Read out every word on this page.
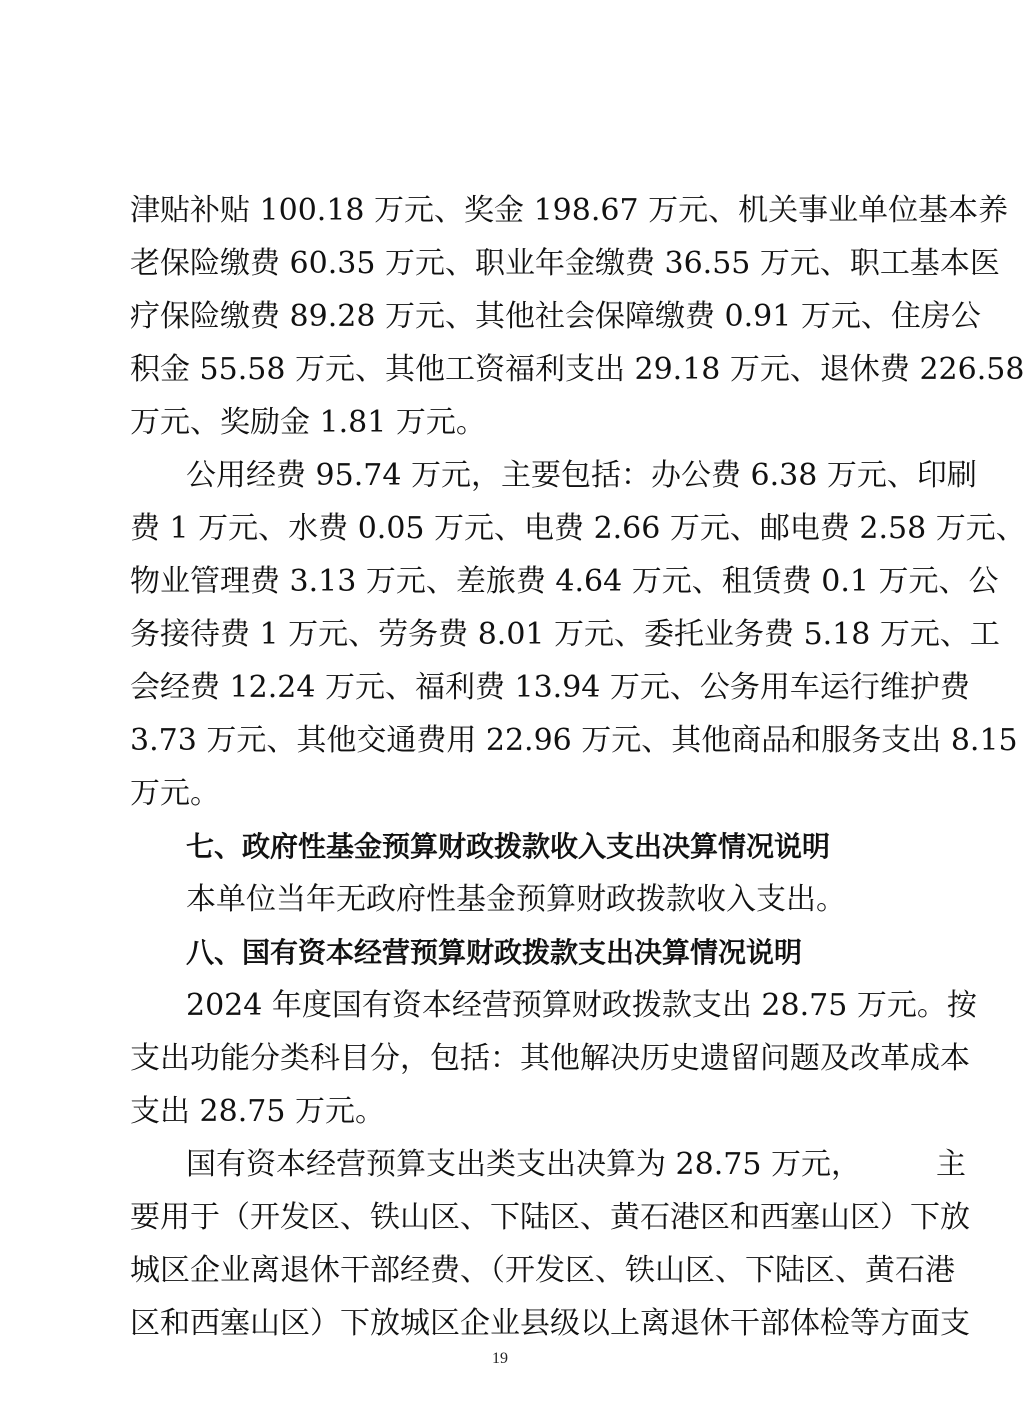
津贴补贴 100.18 万元、奖金 198.67 万元、机关事业单位基本养
老保险缴费 60.35 万元、职业年金缴费 36.55 万元、职工基本医
疗保险缴费 89.28 万元、其他社会保障缴费 0.91 万元、住房公
积金 55.58 万元、其他工资福利支出 29.18 万元、退休费 226.58
万元、奖励金 1.81 万元。
公用经费 95.74 万元，主要包括：办公费 6.38 万元、印刷
费 1 万元、水费 0.05 万元、电费 2.66 万元、邮电费 2.58 万元、
物业管理费 3.13 万元、差旅费 4.64 万元、租赁费 0.1 万元、公
务接待费 1 万元、劳务费 8.01 万元、委托业务费 5.18 万元、工
会经费 12.24 万元、福利费 13.94 万元、公务用车运行维护费
3.73 万元、其他交通费用 22.96 万元、其他商品和服务支出 8.15
万元。
七、政府性基金预算财政拨款收入支出决算情况说明
本单位当年无政府性基金预算财政拨款收入支出。
八、国有资本经营预算财政拨款支出决算情况说明
2024 年度国有资本经营预算财政拨款支出 28.75 万元。按
支出功能分类科目分，包括：其他解决历史遗留问题及改革成本
支出 28.75 万元。
国有资本经营预算支出类支出决算为 28.75 万元，　　　主
要用于（开发区、铁山区、下陆区、黄石港区和西塞山区）下放
城区企业离退休干部经费、（开发区、铁山区、下陆区、黄石港
区和西塞山区）下放城区企业县级以上离退休干部体检等方面支
19
